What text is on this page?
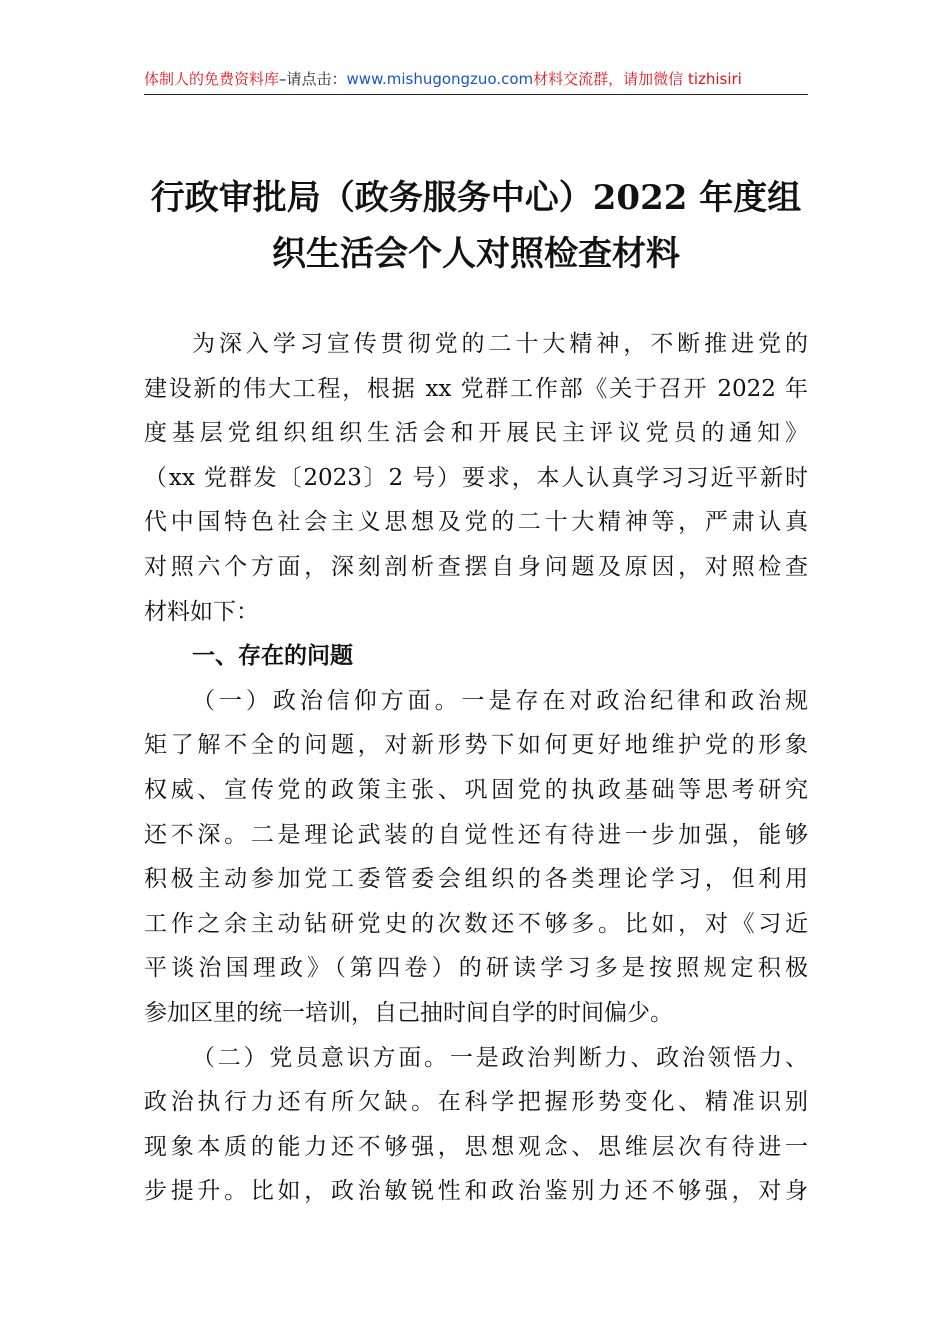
体制人的免费资料库–请点击：www.mishugongzuo.com材料交流群，请加微信 tizhisiri
行政审批局（政务服务中心）2022 年度组
织生活会个人对照检查材料
为深入学习宣传贯彻党的二十大精神，不断推进党的
建设新的伟大工程，根据 xx 党群工作部《关于召开 2022 年
度基层党组织组织生活会和开展民主评议党员的通知》
（xx 党群发〔2023〕2 号）要求，本人认真学习习近平新时
代中国特色社会主义思想及党的二十大精神等，严肃认真
对照六个方面，深刻剖析查摆自身问题及原因，对照检查
材料如下：
一、存在的问题
（一）政治信仰方面。一是存在对政治纪律和政治规
矩了解不全的问题，对新形势下如何更好地维护党的形象
权威、宣传党的政策主张、巩固党的执政基础等思考研究
还不深。二是理论武装的自觉性还有待进一步加强，能够
积极主动参加党工委管委会组织的各类理论学习，但利用
工作之余主动钻研党史的次数还不够多。比如，对《习近
平谈治国理政》（第四卷）的研读学习多是按照规定积极
参加区里的统一培训，自己抽时间自学的时间偏少。
（二）党员意识方面。一是政治判断力、政治领悟力、
政治执行力还有所欠缺。在科学把握形势变化、精准识别
现象本质的能力还不够强，思想观念、思维层次有待进一
步提升。比如，政治敏锐性和政治鉴别力还不够强，对身
